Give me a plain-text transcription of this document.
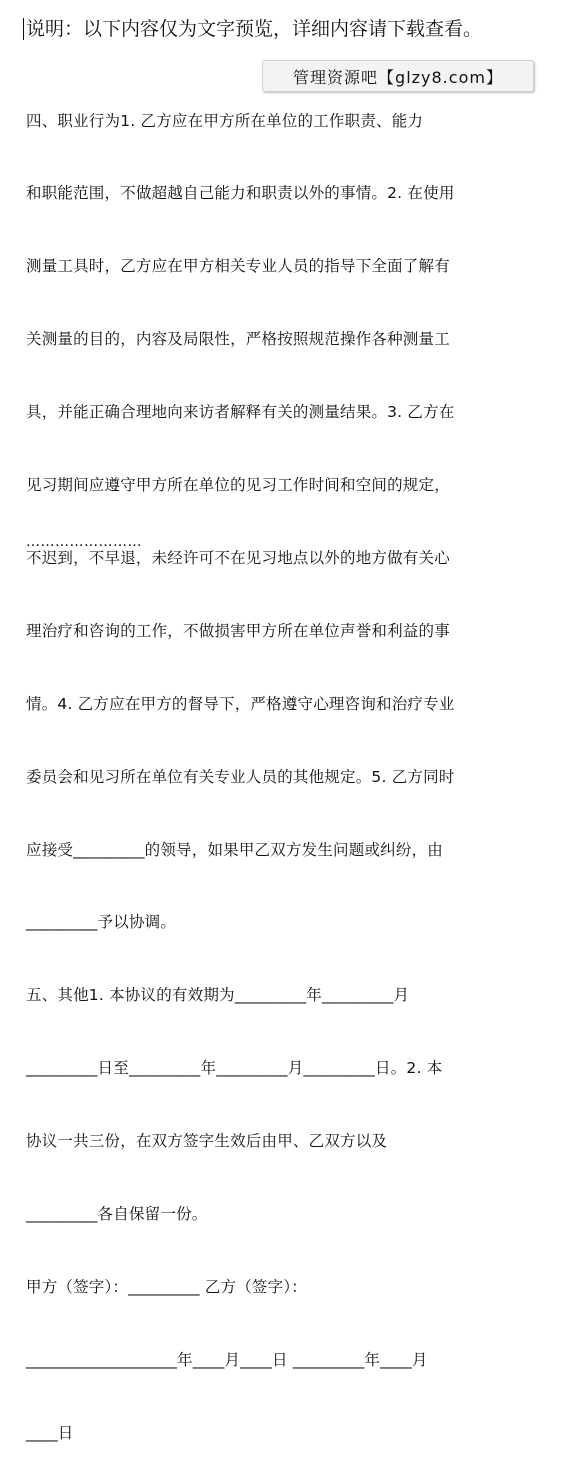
说明：以下内容仅为文字预览，详细内容请下载查看。

四、职业行为1. 乙方应在甲方所在单位的工作职责、能力

和职能范围，不做超越自己能力和职责以外的事情。2. 在使用

测量工具时，乙方应在甲方相关专业人员的指导下全面了解有

关测量的目的，内容及局限性，严格按照规范操作各种测量工

具，并能正确合理地向来访者解释有关的测量结果。3. 乙方在

见习期间应遵守甲方所在单位的见习工作时间和空间的规定，

不迟到，不早退，未经许可不在见习地点以外的地方做有关心

理治疗和咨询的工作，不做损害甲方所在单位声誉和利益的事

情。4. 乙方应在甲方的督导下，严格遵守心理咨询和治疗专业

委员会和见习所在单位有关专业人员的其他规定。5. 乙方同时

应接受_________的领导，如果甲乙双方发生问题或纠纷，由

_________予以协调。

五、其他1. 本协议的有效期为_________年_________月

_________日至_________年_________月_________日。2. 本

协议一共三份，在双方签字生效后由甲、乙双方以及

_________各自保留一份。

甲方（签字）：_________ 乙方（签字）：

___________________年____月____日 _________年____月

____日

管理资源吧【glzy8.com】
……………………
